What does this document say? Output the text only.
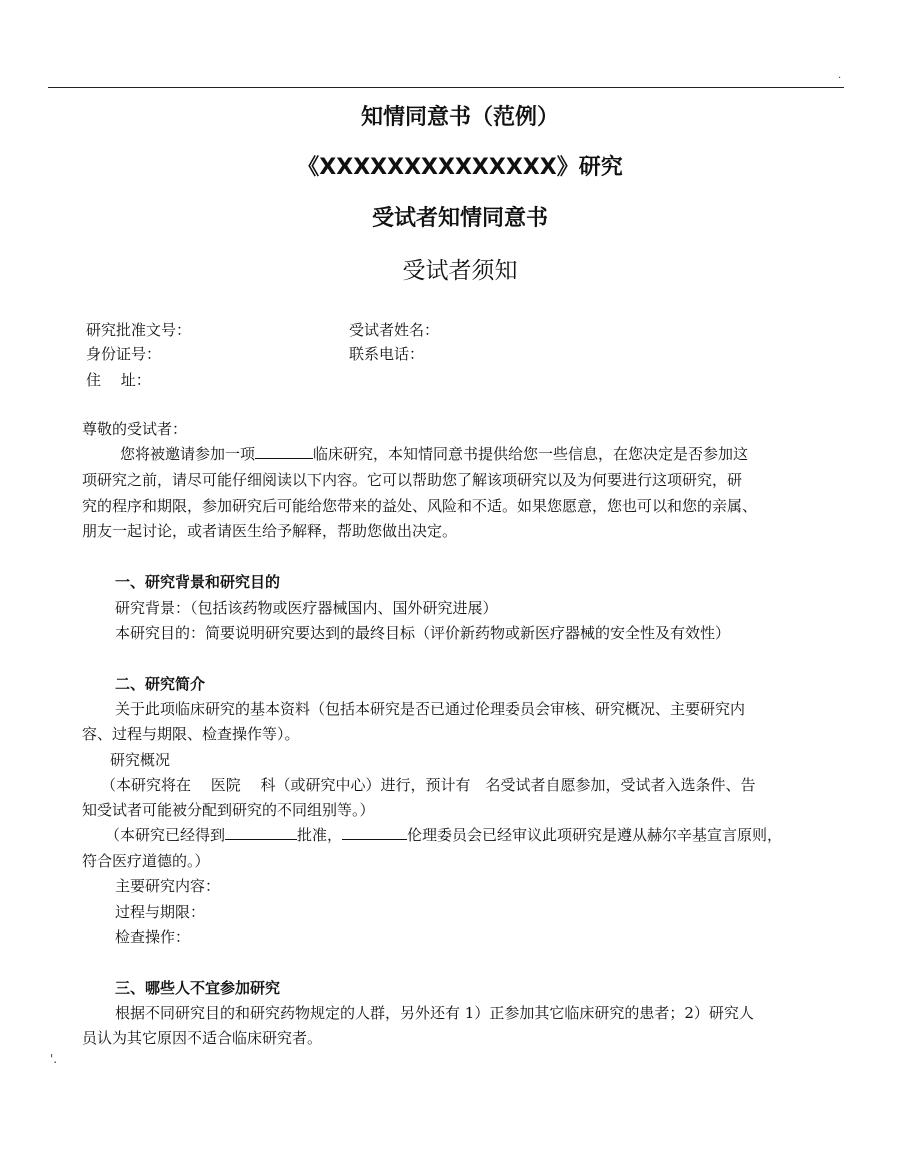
.
知情同意书（范例）
《XXXXXXXXXXXXXX》研究
受试者知情同意书
受试者须知
研究批准文号：	受试者姓名：
身份证号：	联系电话：
住　 址：
尊敬的受试者：
您将被邀请参加一项	临床研究，本知情同意书提供给您一些信息，在您决定是否参加这
项研究之前，请尽可能仔细阅读以下内容。它可以帮助您了解该项研究以及为何要进行这项研究，研
究的程序和期限，参加研究后可能给您带来的益处、风险和不适。如果您愿意，您也可以和您的亲属、
朋友一起讨论，或者请医生给予解释，帮助您做出决定。
一、研究背景和研究目的
研究背景：（包括该药物或医疗器械国内、国外研究进展）
本研究目的：简要说明研究要达到的最终目标（评价新药物或新医疗器械的安全性及有效性）
二、研究简介
关于此项临床研究的基本资料（包括本研究是否已通过伦理委员会审核、研究概况、主要研究内
容、过程与期限、检查操作等）。
研究概况
（本研究将在　 医院　 科（或研究中心）进行，预计有　名受试者自愿参加，受试者入选条件、告
知受试者可能被分配到研究的不同组别等。）
（本研究已经得到	批准，	伦理委员会已经审议此项研究是遵从赫尔辛基宣言原则，
符合医疗道德的。）
主要研究内容：
过程与期限：
检查操作：
三、哪些人不宜参加研究
根据不同研究目的和研究药物规定的人群，另外还有 1）正参加其它临床研究的患者；2）研究人
员认为其它原因不适合临床研究者。
'.
